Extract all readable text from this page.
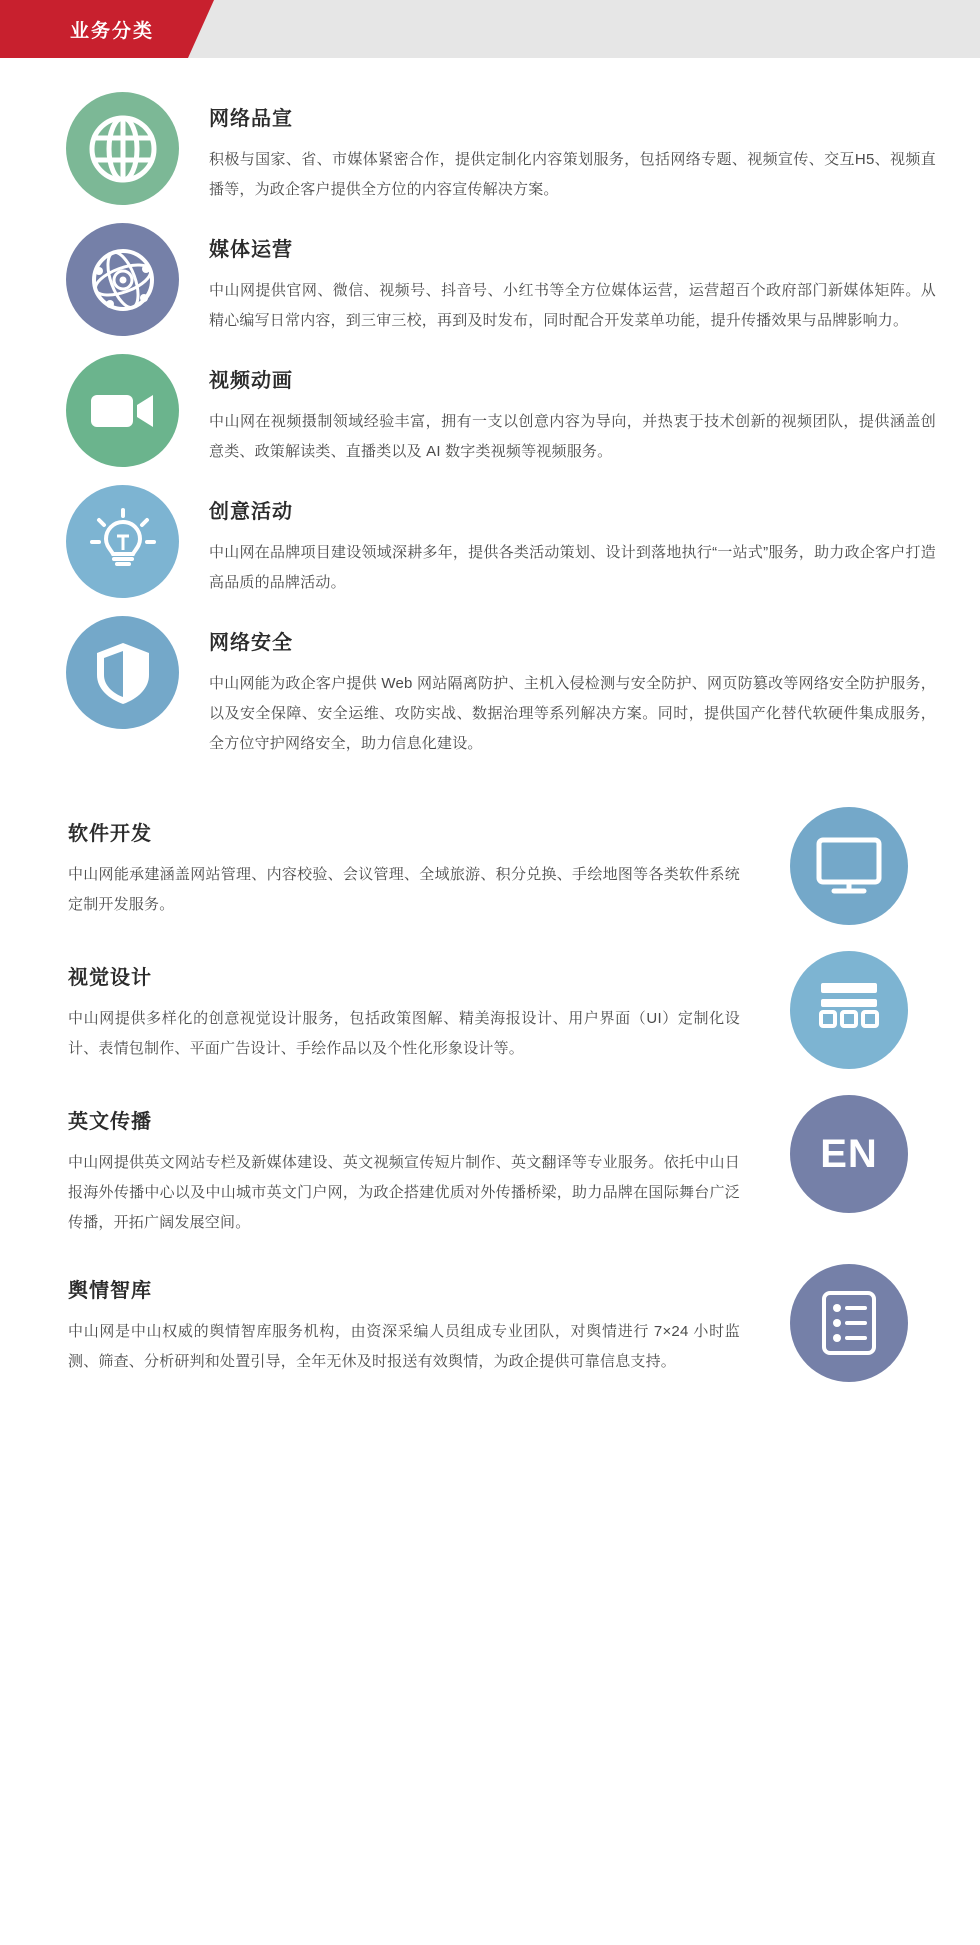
业务分类
网络品宣

积极与国家、省、市媒体紧密合作，提供定制化内容策划服务，包括网络专题、视频宣传、交互H5、视频直播等，为政企客户提供全方位的内容宣传解决方案。

媒体运营

中山网提供官网、微信、视频号、抖音号、小红书等全方位媒体运营，运营超百个政府部门新媒体矩阵。从精心编写日常内容，到三审三校，再到及时发布，同时配合开发菜单功能，提升传播效果与品牌影响力。

视频动画

中山网在视频摄制领域经验丰富，拥有一支以创意内容为导向，并热衷于技术创新的视频团队，提供涵盖创意类、政策解读类、直播类以及 AI 数字类视频等视频服务。

创意活动

中山网在品牌项目建设领域深耕多年，提供各类活动策划、设计到落地执行“一站式”服务，助力政企客户打造高品质的品牌活动。

网络安全

中山网能为政企客户提供 Web 网站隔离防护、主机入侵检测与安全防护、网页防篡改等网络安全防护服务，以及安全保障、安全运维、攻防实战、数据治理等系列解决方案。同时，提供国产化替代软硬件集成服务，全方位守护网络安全，助力信息化建设。

软件开发

中山网能承建涵盖网站管理、内容校验、会议管理、全域旅游、积分兑换、手绘地图等各类软件系统定制开发服务。

视觉设计

中山网提供多样化的创意视觉设计服务，包括政策图解、精美海报设计、用户界面（UI）定制化设计、表情包制作、平面广告设计、手绘作品以及个性化形象设计等。

英文传播

中山网提供英文网站专栏及新媒体建设、英文视频宣传短片制作、英文翻译等专业服务。依托中山日报海外传播中心以及中山城市英文门户网，为政企搭建优质对外传播桥梁，助力品牌在国际舞台广泛传播，开拓广阔发展空间。

EN
舆情智库

中山网是中山权威的舆情智库服务机构，由资深采编人员组成专业团队，对舆情进行 7×24 小时监测、筛查、分析研判和处置引导，全年无休及时报送有效舆情，为政企提供可靠信息支持。
